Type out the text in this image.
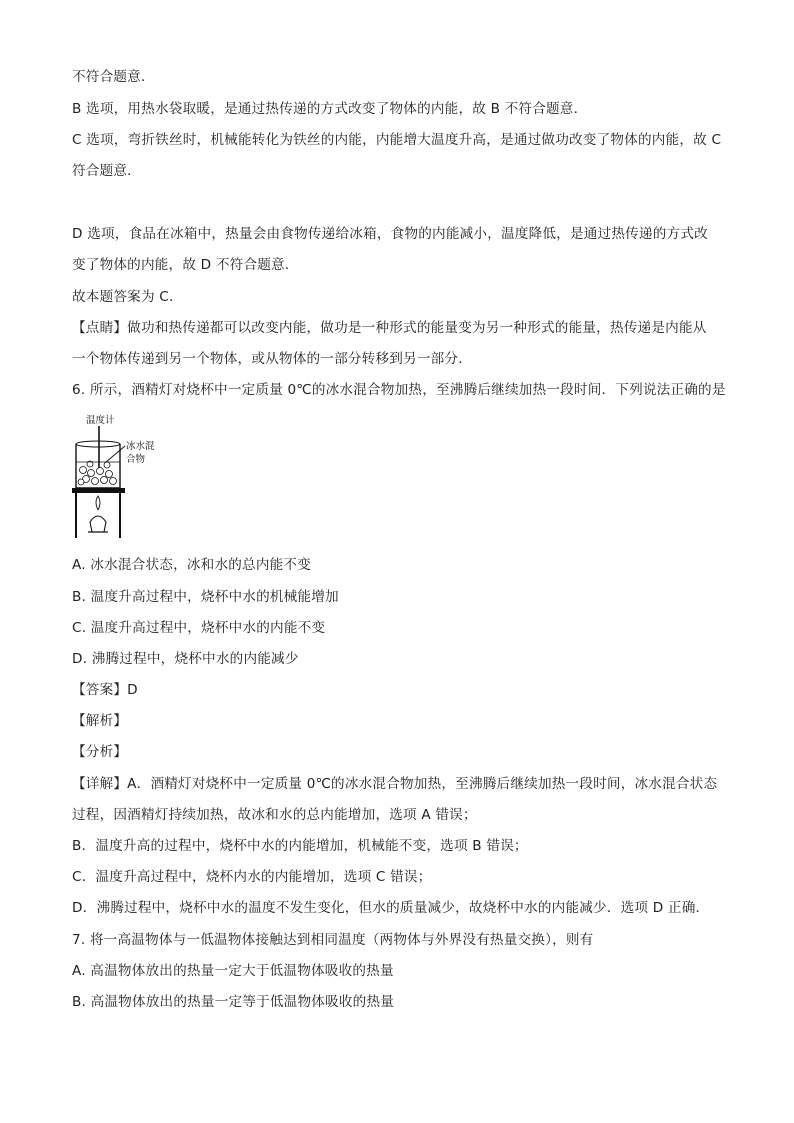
不符合题意．
B 选项，用热水袋取暖，是通过热传递的方式改变了物体的内能，故 B 不符合题意．
C 选项，弯折铁丝时，机械能转化为铁丝的内能，内能增大温度升高，是通过做功改变了物体的内能，故 C
符合题意．
D 选项，食品在冰箱中，热量会由食物传递给冰箱，食物的内能减小，温度降低，是通过热传递的方式改
变了物体的内能，故 D 不符合题意．
故本题答案为 C．
【点睛】做功和热传递都可以改变内能，做功是一种形式的能量变为另一种形式的能量，热传递是内能从
一个物体传递到另一个物体，或从物体的一部分转移到另一部分．
6. 所示，酒精灯对烧杯中一定质量 0℃的冰水混合物加热，至沸腾后继续加热一段时间．下列说法正确的是
温度计
冰水混
合物
A. 冰水混合状态，冰和水的总内能不变
B. 温度升高过程中，烧杯中水的机械能增加
C. 温度升高过程中，烧杯中水的内能不变
D. 沸腾过程中，烧杯中水的内能减少
【答案】D
【解析】
【分析】
【详解】A．酒精灯对烧杯中一定质量 0℃的冰水混合物加热，至沸腾后继续加热一段时间，冰水混合状态
过程，因酒精灯持续加热，故冰和水的总内能增加，选项 A 错误；
B．温度升高的过程中，烧杯中水的内能增加，机械能不变，选项 B 错误；
C．温度升高过程中，烧杯内水的内能增加，选项 C 错误；
D．沸腾过程中，烧杯中水的温度不发生变化，但水的质量减少，故烧杯中水的内能减少．选项 D 正确．
7. 将一高温物体与一低温物体接触达到相同温度（两物体与外界没有热量交换），则有
A. 高温物体放出的热量一定大于低温物体吸收的热量
B. 高温物体放出的热量一定等于低温物体吸收的热量
